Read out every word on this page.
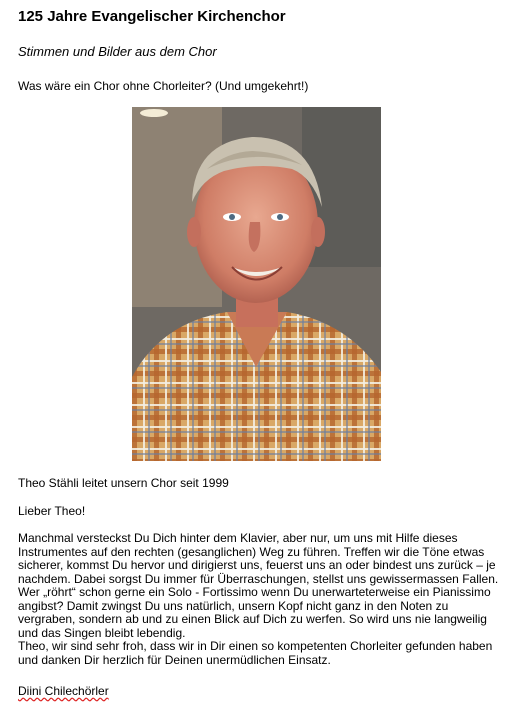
125 Jahre Evangelischer Kirchenchor
Stimmen und Bilder aus dem Chor
Was wäre ein Chor ohne Chorleiter? (Und umgekehrt!)
Theo Stähli leitet unsern Chor seit 1999
Lieber Theo!
Manchmal versteckst Du Dich hinter dem Klavier, aber nur, um uns mit Hilfe dieses
Instrumentes auf den rechten (gesanglichen) Weg zu führen. Treffen wir die Töne etwas
sicherer, kommst Du hervor und dirigierst uns, feuerst uns an oder bindest uns zurück – je
nachdem. Dabei sorgst Du immer für Überraschungen, stellst uns gewissermassen Fallen.
Wer „röhrt“ schon gerne ein Solo - Fortissimo wenn Du unerwarteterweise ein Pianissimo
angibst? Damit zwingst Du uns natürlich, unsern Kopf nicht ganz in den Noten zu
vergraben, sondern ab und zu einen Blick auf Dich zu werfen. So wird uns nie langweilig
und das Singen bleibt lebendig.
Theo, wir sind sehr froh, dass wir in Dir einen so kompetenten Chorleiter gefunden haben
und danken Dir herzlich für Deinen unermüdlichen Einsatz.
Diini Chilechörler
